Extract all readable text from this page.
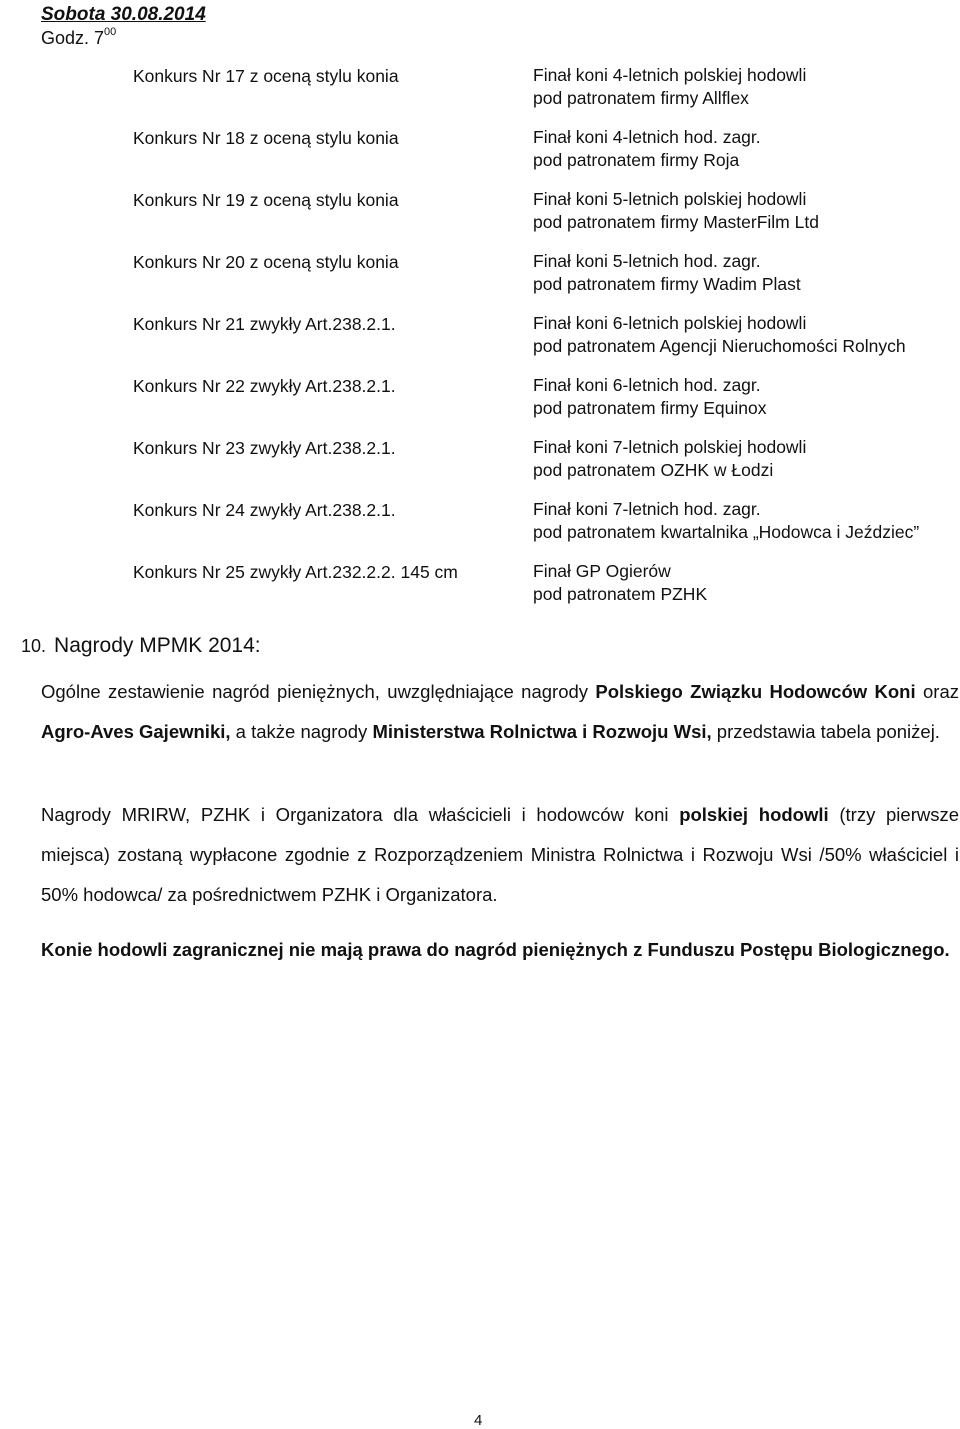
Sobota 30.08.2014
Godz. $7^{00}$
Konkurs Nr 17 z oceną stylu konia
Konkurs Nr 18 z oceną stylu konia
Konkurs Nr 19 z oceną stylu konia
Konkurs Nr 20 z oceną stylu konia
Konkurs Nr 21 zwykły Art.238.2.1.
Konkurs Nr 22 zwykły Art.238.2.1.
Konkurs Nr 23 zwykły Art.238.2.1.
Konkurs Nr 24 zwykły Art.238.2.1.
Konkurs Nr 25 zwykły Art.232.2.2. 145 cm
Finał koni 4-letnich polskiej hodowli
pod patronatem firmy Allflex
Finał koni 4-letnich hod. zagr.
pod patronatem firmy Roja
Finał koni 5-letnich polskiej hodowli
pod patronatem firmy MasterFilm Ltd
Finał koni 5-letnich hod. zagr.
pod patronatem firmy Wadim Plast
Finał koni 6-letnich polskiej hodowli
pod patronatem Agencji Nieruchomości Rolnych
Finał koni 6-letnich hod. zagr.
pod patronatem firmy Equinox
Finał koni 7-letnich polskiej hodowli
pod patronatem OZHK w Łodzi
Finał koni 7-letnich hod. zagr.
pod patronatem kwartalnika „Hodowca i Jeździec”
Finał GP Ogierów
pod patronatem PZHK
10. Nagrody MPMK 2014:
Ogólne zestawienie nagród pieniężnych, uwzględniające nagrody Polskiego Związku Hodowców Koni oraz Agro-Aves Gajewniki, a także nagrody Ministerstwa Rolnictwa i Rozwoju Wsi, przedstawia tabela poniżej.
Nagrody MRIRW, PZHK i Organizatora dla właścicieli i hodowców koni polskiej hodowli (trzy pierwsze miejsca) zostaną wypłacone zgodnie z Rozporządzeniem Ministra Rolnictwa i Rozwoju Wsi /50% właściciel i 50% hodowca/ za pośrednictwem PZHK i Organizatora.
Konie hodowli zagranicznej nie mają prawa do nagród pieniężnych z Funduszu Postępu Biologicznego.
4
